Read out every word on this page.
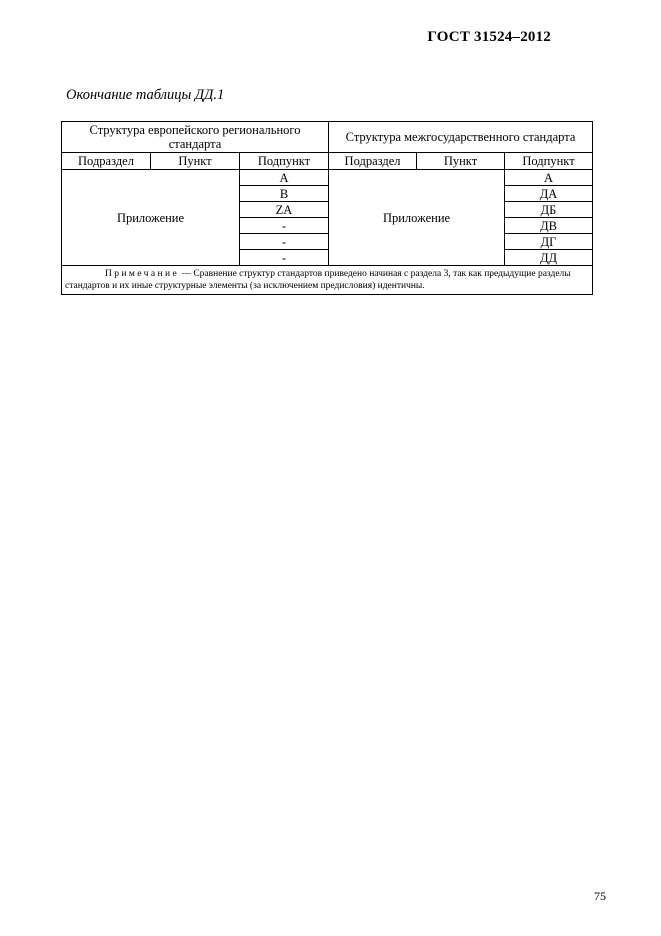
ГОСТ 31524–2012
Окончание таблицы ДД.1
Структура европейского регионального стандарта			Структура межгосударственного стандарта		
Подраздел	Пункт	Подпункт	Подраздел	Пункт	Подпункт
Приложение		A	Приложение		А
		B			ДА
		ZA			ДБ
		-			ДВ
		-			ДГ
		-			ДД
Примечание — Сравнение структур стандартов приведено начиная с раздела 3, так как предыдущие разделы стандартов и их иные структурные элементы (за исключением предисловия) идентичны.					
75
